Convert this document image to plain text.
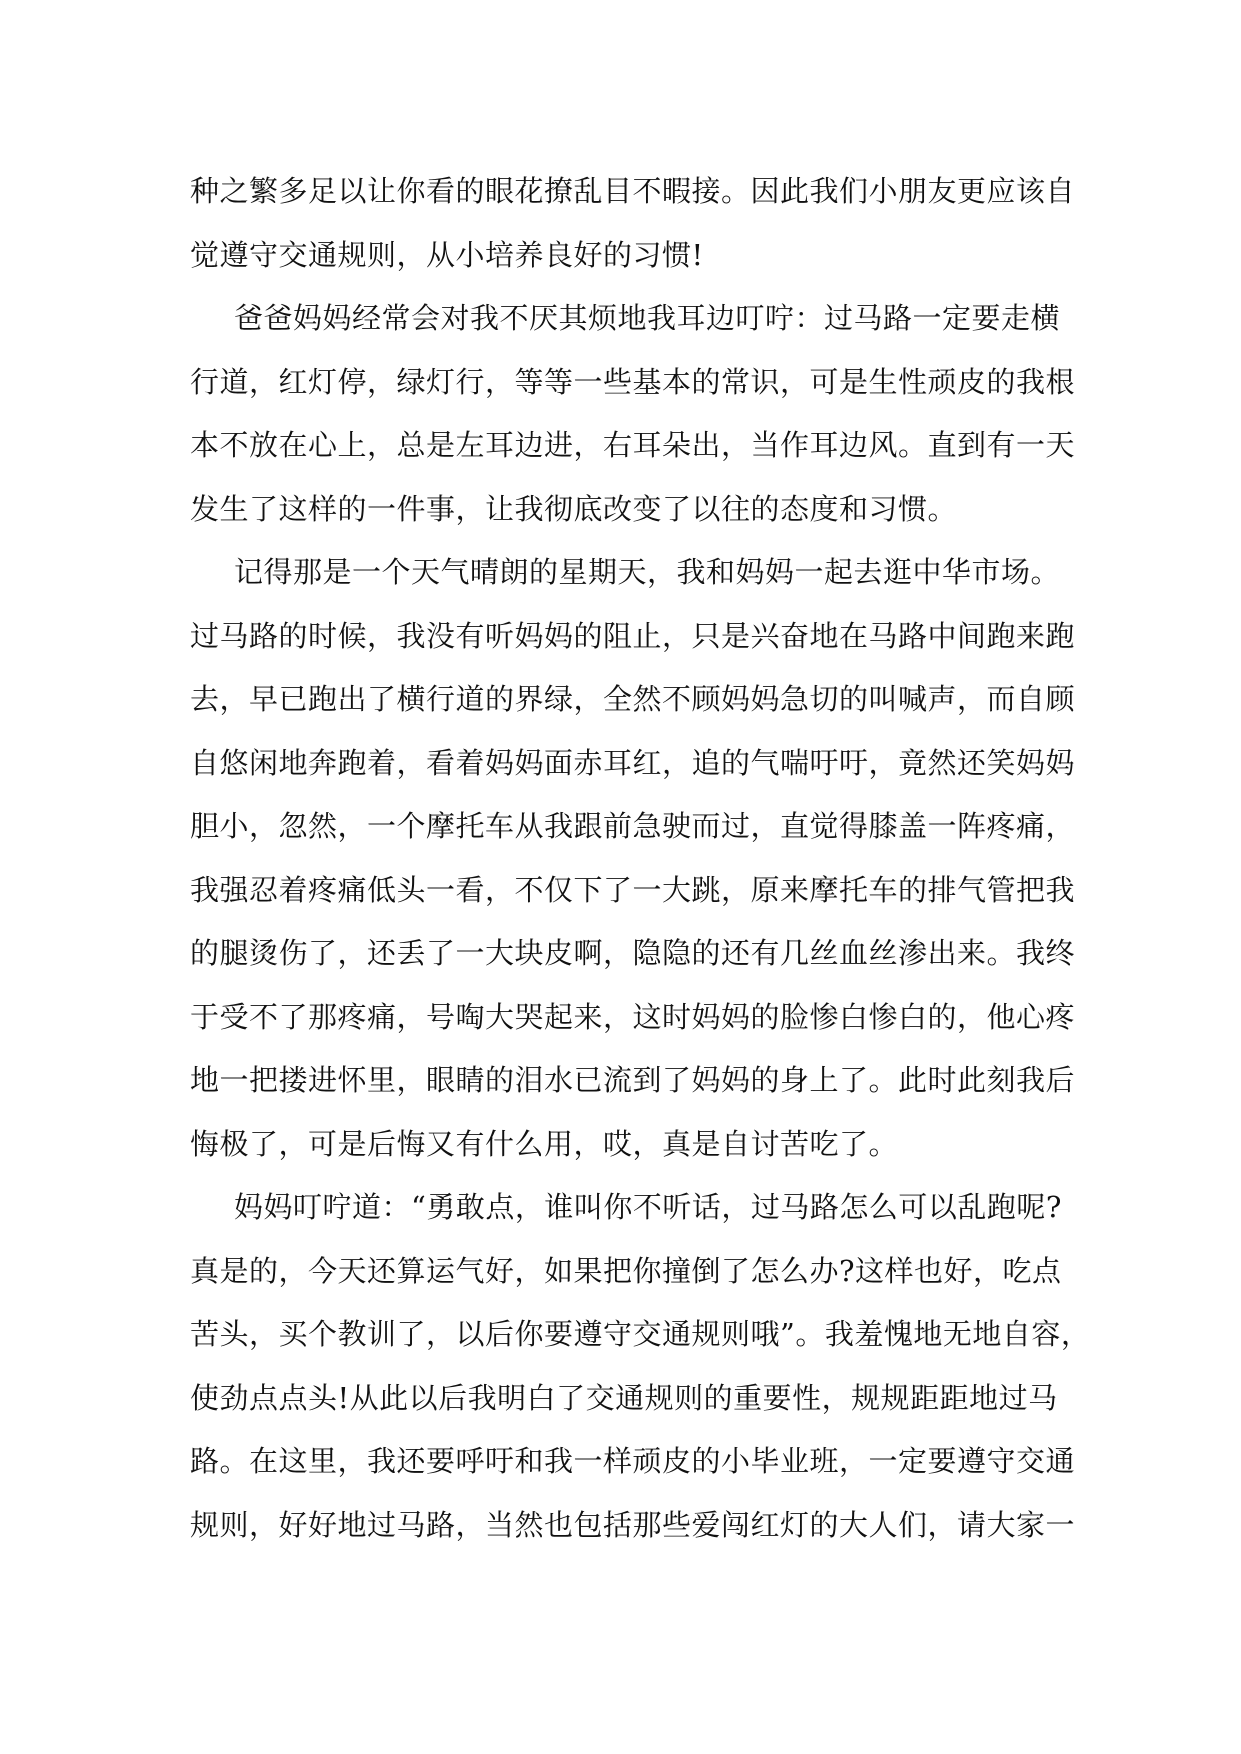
种之繁多足以让你看的眼花撩乱目不暇接。因此我们小朋友更应该自
觉遵守交通规则，从小培养良好的习惯!
爸爸妈妈经常会对我不厌其烦地我耳边叮咛：过马路一定要走横
行道，红灯停，绿灯行，等等一些基本的常识，可是生性顽皮的我根
本不放在心上，总是左耳边进，右耳朵出，当作耳边风。直到有一天
发生了这样的一件事，让我彻底改变了以往的态度和习惯。
记得那是一个天气晴朗的星期天，我和妈妈一起去逛中华市场。
过马路的时候，我没有听妈妈的阻止，只是兴奋地在马路中间跑来跑
去，早已跑出了横行道的界绿，全然不顾妈妈急切的叫喊声，而自顾
自悠闲地奔跑着，看着妈妈面赤耳红，追的气喘吁吁，竟然还笑妈妈
胆小，忽然，一个摩托车从我跟前急驶而过，直觉得膝盖一阵疼痛，
我强忍着疼痛低头一看，不仅下了一大跳，原来摩托车的排气管把我
的腿烫伤了，还丢了一大块皮啊，隐隐的还有几丝血丝渗出来。我终
于受不了那疼痛，号啕大哭起来，这时妈妈的脸惨白惨白的，他心疼
地一把搂进怀里，眼睛的泪水已流到了妈妈的身上了。此时此刻我后
悔极了，可是后悔又有什么用，哎，真是自讨苦吃了。
妈妈叮咛道：“勇敢点，谁叫你不听话，过马路怎么可以乱跑呢?
真是的，今天还算运气好，如果把你撞倒了怎么办?这样也好，吃点
苦头，买个教训了，以后你要遵守交通规则哦”。我羞愧地无地自容，
使劲点点头!从此以后我明白了交通规则的重要性，规规距距地过马
路。在这里，我还要呼吁和我一样顽皮的小毕业班，一定要遵守交通
规则，好好地过马路，当然也包括那些爱闯红灯的大人们，请大家一
